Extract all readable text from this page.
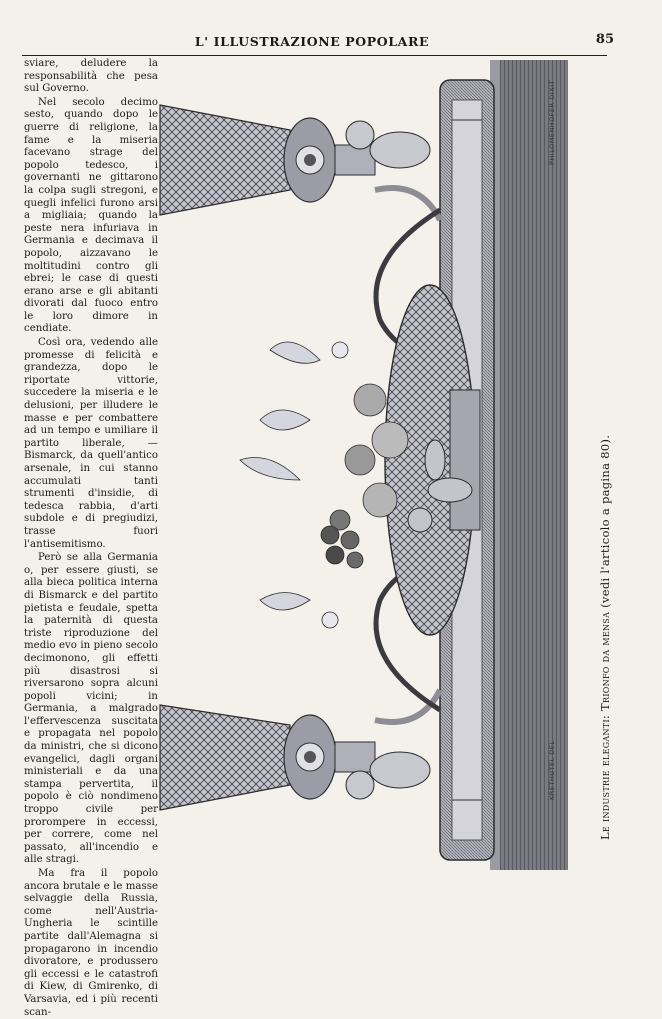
L' ILLUSTRAZIONE POPOLARE	85

sviare, deludere la responsabilità che pesa sul Governo.

Nel secolo decimo sesto, quando dopo le guerre di religione, la fame e la miseria facevano strage del popolo tedesco, i governanti ne gittarono la colpa sugli stregoni, e quegli infelici furono arsi a migliaia; quando la peste nera infuriava in Germania e decimava il popolo, aizzavano le moltitudini contro gli ebrei; le case di questi erano arse e gli abitanti divorati dal fuoco entro le loro dimore in cendiate.

Così ora, vedendo alle promesse di felicità e grandezza, dopo le riportate vittorie, succedere la miseria e le delusioni, per illudere le masse e per combattere ad un tempo e umiliare il partito liberale, — Bismarck, da quell'antico arsenale, in cui stanno accumulati tanti strumenti d'insidie, di tedesca rabbia, d'arti subdole e di pregiudizi, trasse fuori l'antisemitismo.

Però se alla Germania o, per essere giusti, se alla bieca politica interna di Bismarck e del partito pietista e feudale, spetta la paternità di questa triste riproduzione del medio evo in pieno secolo decimonono, gli effetti più disastrosi si riversarono sopra alcuni popoli vicini; in Germania, a malgrado l'effervescenza suscitata e propagata nel popolo da ministri, che si dicono evangelici, dagli organi ministeriali e da una stampa pervertita, il popolo è ciò nondimeno troppo civile per prorompere in eccessi, per correre, come nel passato, all'incendio e alle stragi.

Ma fra il popolo ancora brutale e le masse selvaggie della Russia, come nell'Austria-Ungheria le scintille partite dall'Alemagna si propagarono in incendio divoratore, e produssero gli eccessi e le catastrofi di Kiew, di Gmirenko, di Varsavia, ed i più recenti scan-

PHILOMENHOFER DIXIT
KRETHUTEL DEL	Le industrie eleganti: Trionfo da mensa (vedi l'articolo a pagina 80).
